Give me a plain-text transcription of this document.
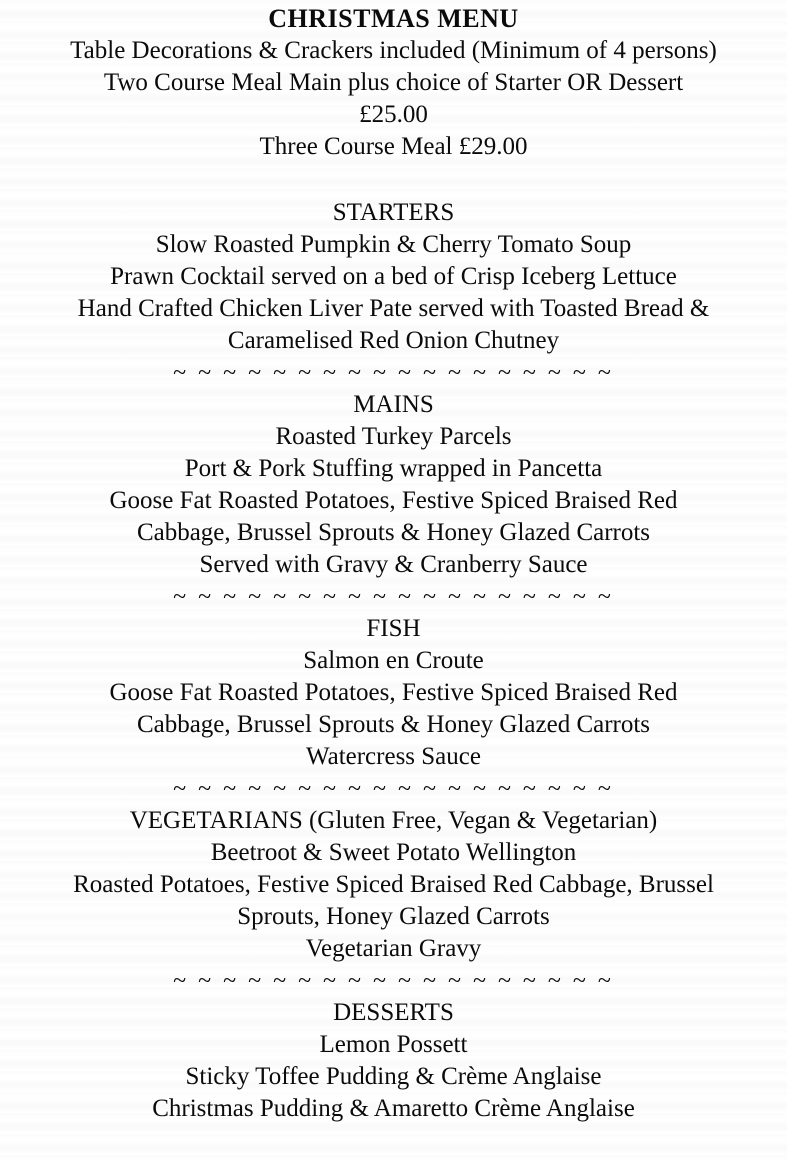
CHRISTMAS MENU
Table Decorations & Crackers included (Minimum of 4 persons)
Two Course Meal Main plus choice of Starter OR Dessert
£25.00
Three Course Meal £29.00
STARTERS
Slow Roasted Pumpkin & Cherry Tomato Soup
Prawn Cocktail served on a bed of Crisp Iceberg Lettuce
Hand Crafted Chicken Liver Pate served with Toasted Bread &
Caramelised Red Onion Chutney
~ ~ ~ ~ ~ ~ ~ ~ ~ ~ ~ ~ ~ ~ ~ ~ ~ ~
MAINS
Roasted Turkey Parcels
Port & Pork Stuffing wrapped in Pancetta
Goose Fat Roasted Potatoes, Festive Spiced Braised Red
Cabbage, Brussel Sprouts & Honey Glazed Carrots
Served with Gravy & Cranberry Sauce
~ ~ ~ ~ ~ ~ ~ ~ ~ ~ ~ ~ ~ ~ ~ ~ ~ ~
FISH
Salmon en Croute
Goose Fat Roasted Potatoes, Festive Spiced Braised Red
Cabbage, Brussel Sprouts & Honey Glazed Carrots
Watercress Sauce
~ ~ ~ ~ ~ ~ ~ ~ ~ ~ ~ ~ ~ ~ ~ ~ ~ ~
VEGETARIANS (Gluten Free, Vegan & Vegetarian)
Beetroot & Sweet Potato Wellington
Roasted Potatoes, Festive Spiced Braised Red Cabbage, Brussel
Sprouts, Honey Glazed Carrots
Vegetarian Gravy
~ ~ ~ ~ ~ ~ ~ ~ ~ ~ ~ ~ ~ ~ ~ ~ ~ ~
DESSERTS
Lemon Possett
Sticky Toffee Pudding & Crème Anglaise
Christmas Pudding & Amaretto Crème Anglaise
